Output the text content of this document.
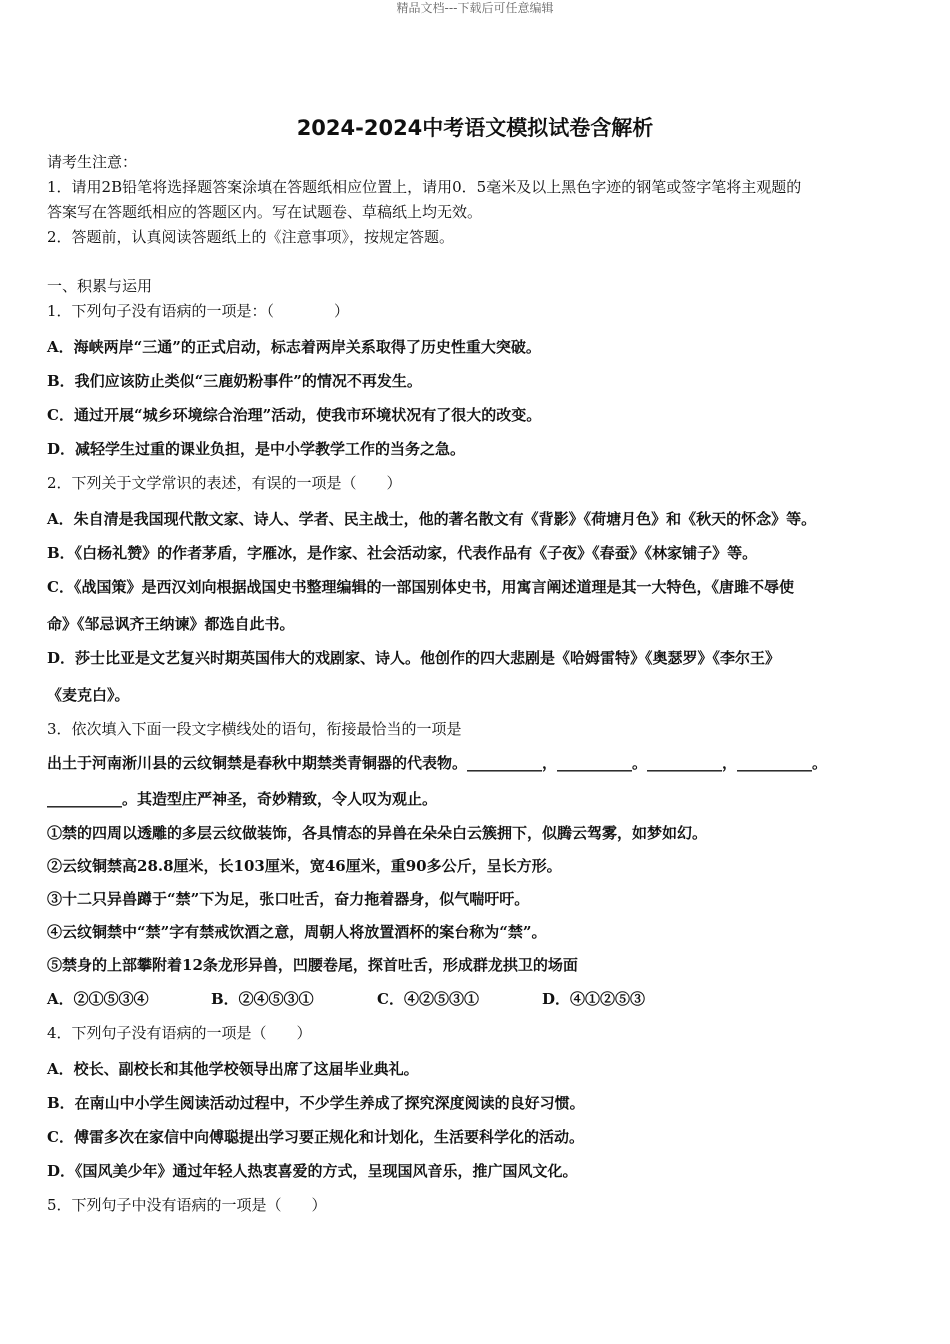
精品文档---下载后可任意编辑
2024-2024中考语文模拟试卷含解析
请考生注意：
1．请用2B铅笔将选择题答案涂填在答题纸相应位置上，请用0．5毫米及以上黑色字迹的钢笔或签字笔将主观题的
答案写在答题纸相应的答题区内。写在试题卷、草稿纸上均无效。
2．答题前，认真阅读答题纸上的《注意事项》，按规定答题。
一、积累与运用
1．下列句子没有语病的一项是：（　　　　）
A．海峡两岸“三通”的正式启动，标志着两岸关系取得了历史性重大突破。
B．我们应该防止类似“三鹿奶粉事件”的情况不再发生。
C．通过开展“城乡环境综合治理”活动，使我市环境状况有了很大的改变。
D．减轻学生过重的课业负担，是中小学教学工作的当务之急。
2．下列关于文学常识的表述，有误的一项是（　　）
A．朱自清是我国现代散文家、诗人、学者、民主战士，他的著名散文有《背影》《荷塘月色》和《秋天的怀念》等。
B．《白杨礼赞》的作者茅盾，字雁冰，是作家、社会活动家，代表作品有《子夜》《春蚕》《林家铺子》等。
C．《战国策》是西汉刘向根据战国史书整理编辑的一部国别体史书，用寓言阐述道理是其一大特色，《唐雎不辱使
命》《邹忌讽齐王纳谏》都选自此书。
D．莎士比亚是文艺复兴时期英国伟大的戏剧家、诗人。他创作的四大悲剧是《哈姆雷特》《奥瑟罗》《李尔王》
《麦克白》。
3．依次填入下面一段文字横线处的语句，衔接最恰当的一项是
出土于河南淅川县的云纹铜禁是春秋中期禁类青铜器的代表物。__________，__________。__________，__________。
__________。其造型庄严神圣，奇妙精致，令人叹为观止。
①禁的四周以透雕的多层云纹做装饰，各具情态的异兽在朵朵白云簇拥下，似腾云驾雾，如梦如幻。
②云纹铜禁高28.8厘米，长103厘米，宽46厘米，重90多公斤，呈长方形。
③十二只异兽蹲于“禁”下为足，张口吐舌，奋力拖着器身，似气喘吁吁。
④云纹铜禁中“禁”字有禁戒饮酒之意，周朝人将放置酒杯的案台称为“禁”。
⑤禁身的上部攀附着12条龙形异兽，凹腰卷尾，探首吐舌，形成群龙拱卫的场面
A．②①⑤③④	B．②④⑤③①	C．④②⑤③①	D．④①②⑤③
4．下列句子没有语病的一项是（　　）
A．校长、副校长和其他学校领导出席了这届毕业典礼。
B．在南山中小学生阅读活动过程中，不少学生养成了探究深度阅读的良好习惯。
C．傅雷多次在家信中向傅聪提出学习要正规化和计划化，生活要科学化的活动。
D．《国风美少年》通过年轻人热衷喜爱的方式，呈现国风音乐，推广国风文化。
5．下列句子中没有语病的一项是（　　）
